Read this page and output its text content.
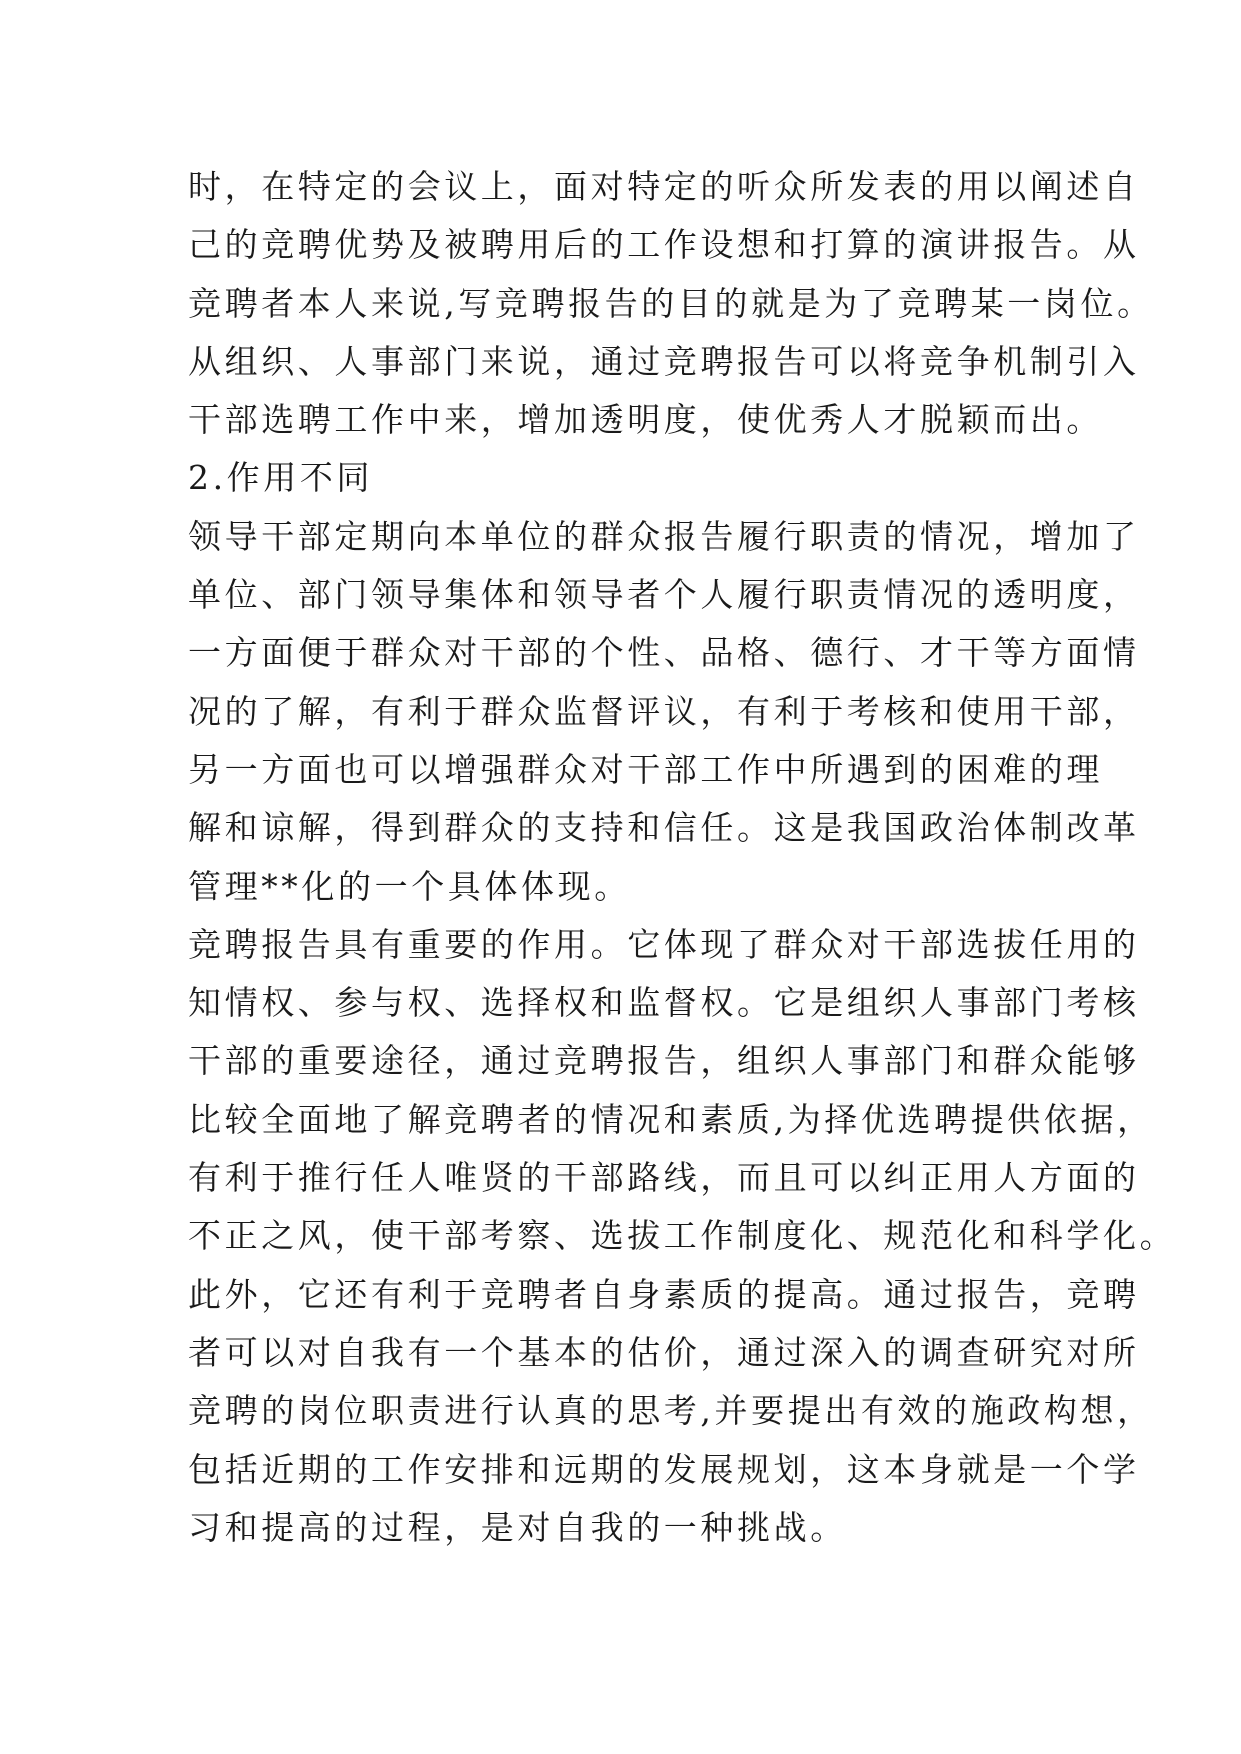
时，在特定的会议上，面对特定的听众所发表的用以阐述自
己的竞聘优势及被聘用后的工作设想和打算的演讲报告。从
竞聘者本人来说,写竞聘报告的目的就是为了竞聘某一岗位。
从组织、人事部门来说，通过竞聘报告可以将竞争机制引入
干部选聘工作中来，增加透明度，使优秀人才脱颖而出。
2.作用不同
领导干部定期向本单位的群众报告履行职责的情况，增加了
单位、部门领导集体和领导者个人履行职责情况的透明度，
一方面便于群众对干部的个性、品格、德行、才干等方面情
况的了解，有利于群众监督评议，有利于考核和使用干部，
另一方面也可以增强群众对干部工作中所遇到的困难的理
解和谅解，得到群众的支持和信任。这是我国政治体制改革
管理**化的一个具体体现。
竞聘报告具有重要的作用。它体现了群众对干部选拔任用的
知情权、参与权、选择权和监督权。它是组织人事部门考核
干部的重要途径，通过竞聘报告，组织人事部门和群众能够
比较全面地了解竞聘者的情况和素质,为择优选聘提供依据，
有利于推行任人唯贤的干部路线，而且可以纠正用人方面的
不正之风，使干部考察、选拔工作制度化、规范化和科学化。
此外，它还有利于竞聘者自身素质的提高。通过报告，竞聘
者可以对自我有一个基本的估价，通过深入的调查研究对所
竞聘的岗位职责进行认真的思考,并要提出有效的施政构想，
包括近期的工作安排和远期的发展规划，这本身就是一个学
习和提高的过程，是对自我的一种挑战。
